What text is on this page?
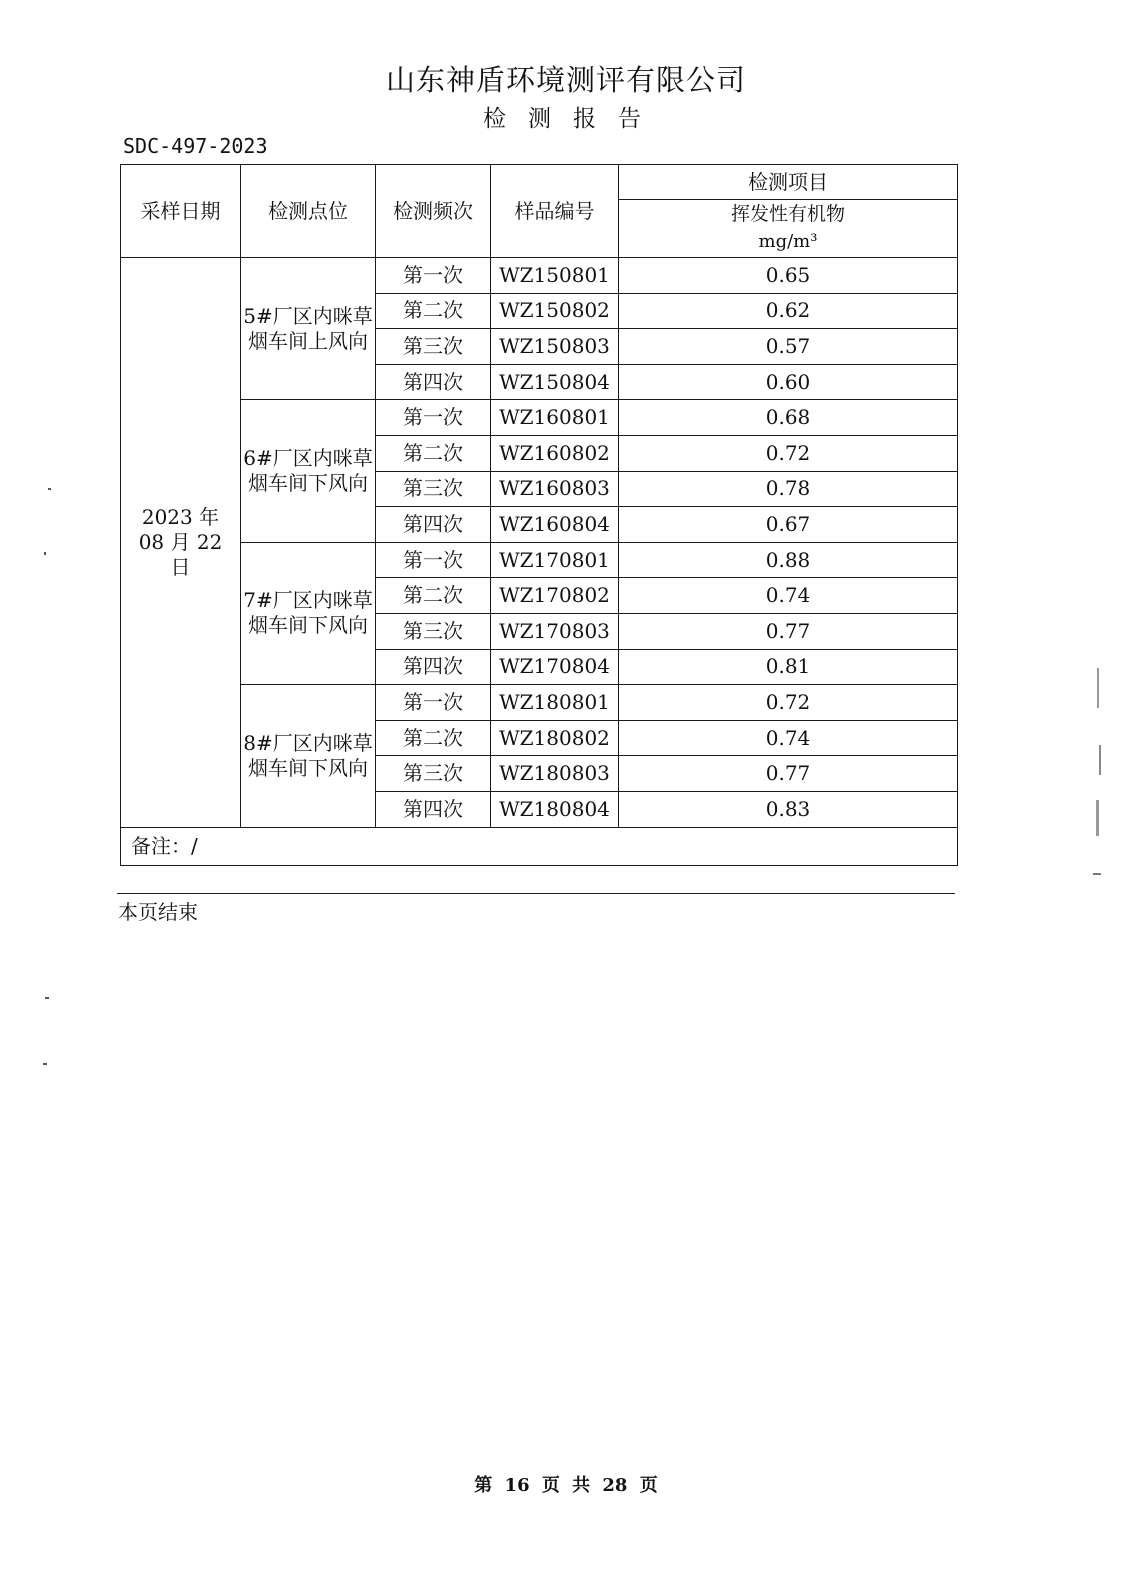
山东神盾环境测评有限公司
检测报告
SDC-497-2023
采样日期	检测点位	检测频次	样品编号	检测项目

				挥发性有机物
mg/m³

2023 年 08 月 22 日	5#厂区内咪草烟车间上风向	第一次	WZ150801	0.65
		第二次	WZ150802	0.62
		第三次	WZ150803	0.57
		第四次	WZ150804	0.60
	6#厂区内咪草烟车间下风向	第一次	WZ160801	0.68
		第二次	WZ160802	0.72
		第三次	WZ160803	0.78
		第四次	WZ160804	0.67
	7#厂区内咪草烟车间下风向	第一次	WZ170801	0.88
		第二次	WZ170802	0.74
		第三次	WZ170803	0.77
		第四次	WZ170804	0.81
	8#厂区内咪草烟车间下风向	第一次	WZ180801	0.72
		第二次	WZ180802	0.74
		第三次	WZ180803	0.77
		第四次	WZ180804	0.83
备注：/				
本页结束
第 16 页 共 28 页
